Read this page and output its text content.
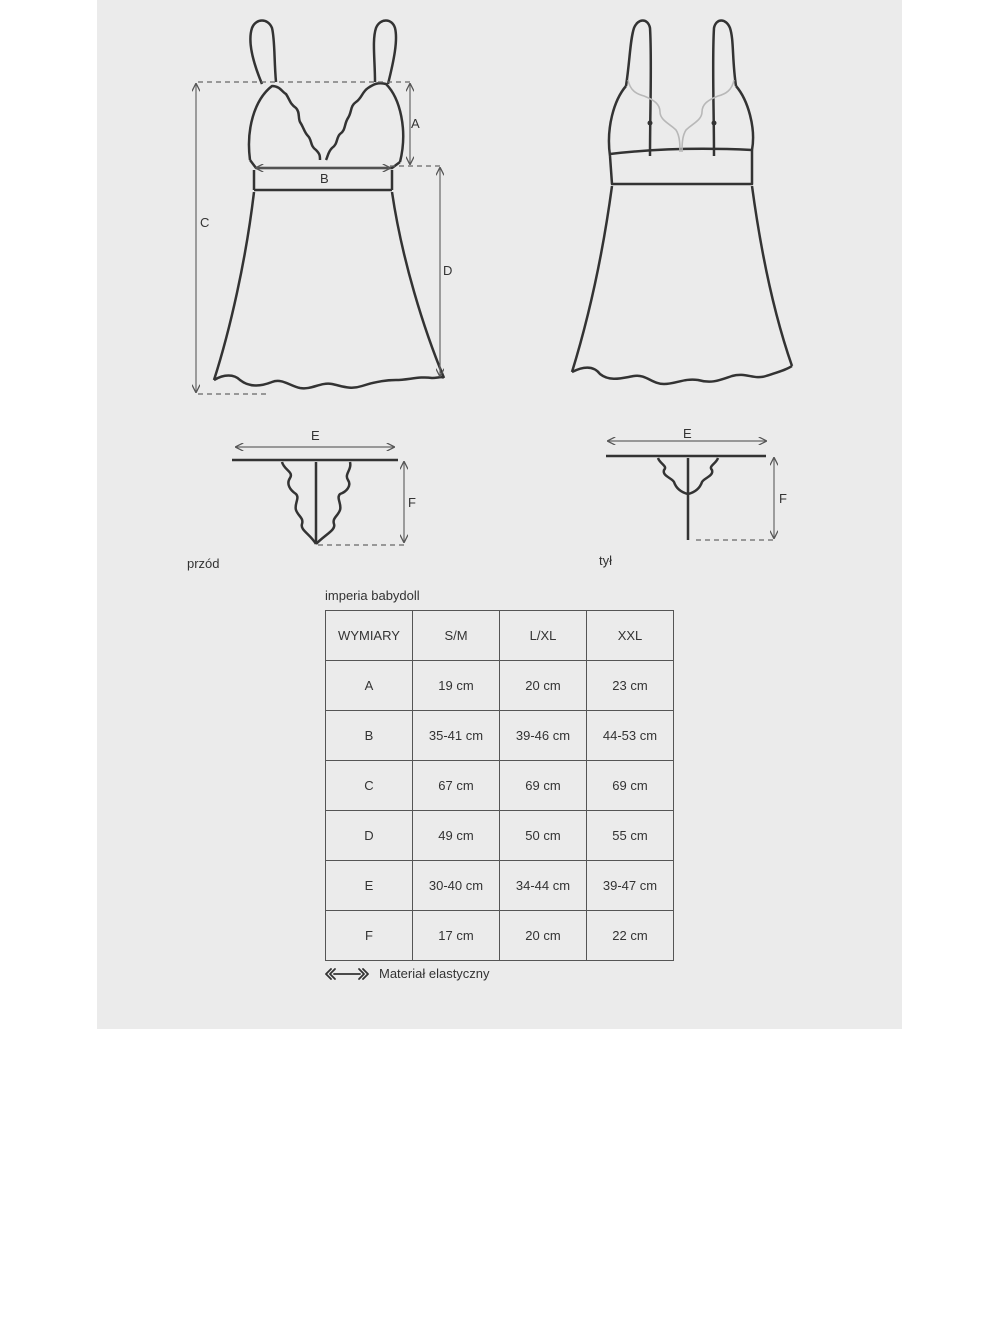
A
B
C
D
E
F
E
F
przód	tył
imperia babydoll
WYMIARY	S/M	L/XL	XXL
A	19 cm	20 cm	23 cm
B	35-41 cm	39-46 cm	44-53 cm
C	67 cm	69 cm	69 cm
D	49 cm	50 cm	55 cm
E	30-40 cm	34-44 cm	39-47 cm
F	17 cm	20 cm	22 cm
Materiał elastyczny
